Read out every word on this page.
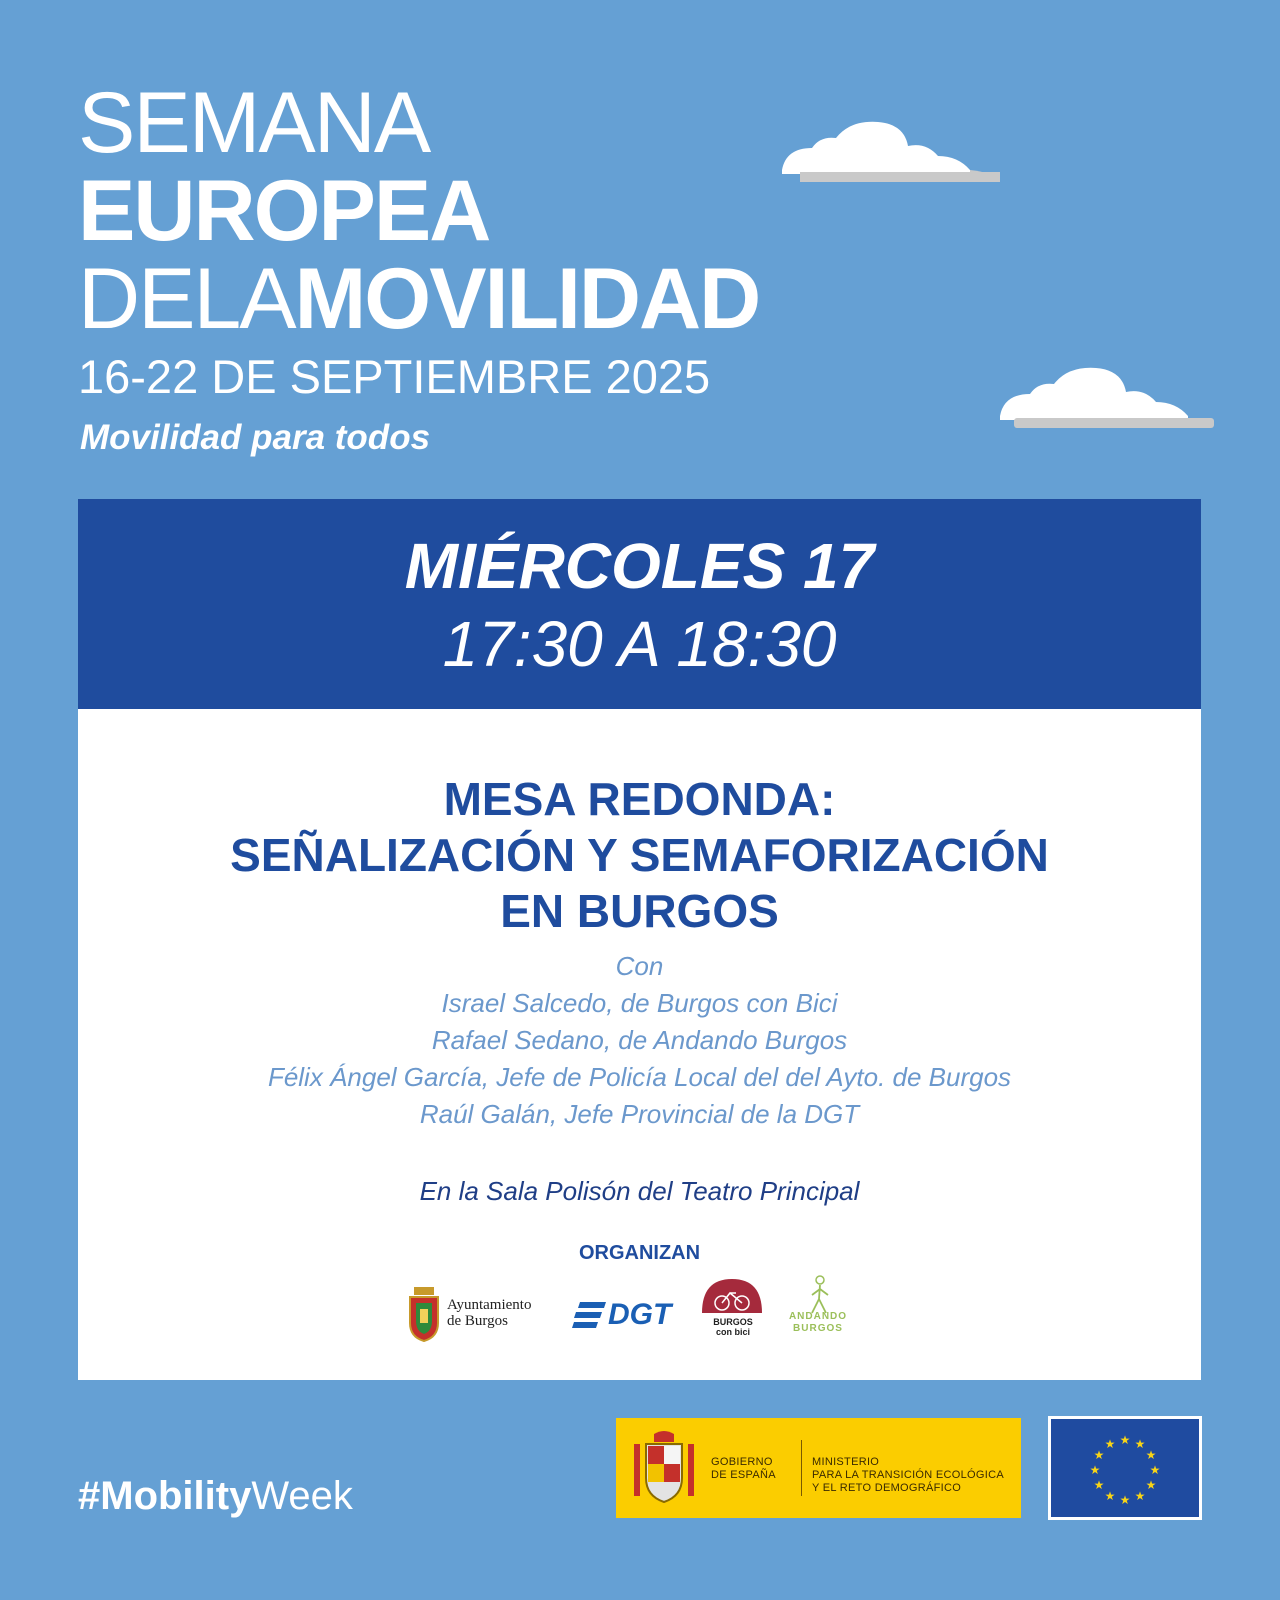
SEMANA
EUROPEA
DELAMOVILIDAD
16-22 DE SEPTIEMBRE 2025
Movilidad para todos
MIÉRCOLES 17
17:30 A 18:30
MESA REDONDA:
SEÑALIZACIÓN Y SEMAFORIZACIÓN
EN BURGOS
Con
Israel Salcedo, de Burgos con Bici
Rafael Sedano, de Andando Burgos
Félix Ángel García, Jefe de Policía Local del del Ayto. de Burgos
Raúl Galán, Jefe Provincial de la DGT
En la Sala Polisón del Teatro Principal
ORGANIZAN
Ayuntamiento
de Burgos	DGT	BURGOS
con bici
ANDANDO
BURGOS
#MobilityWeek
GOBIERNO
DE ESPAÑA
MINISTERIO
PARA LA TRANSICIÓN ECOLÓGICA
Y EL RETO DEMOGRÁFICO
★ ★
★
★
★
★
★
★
★
★
★
★
